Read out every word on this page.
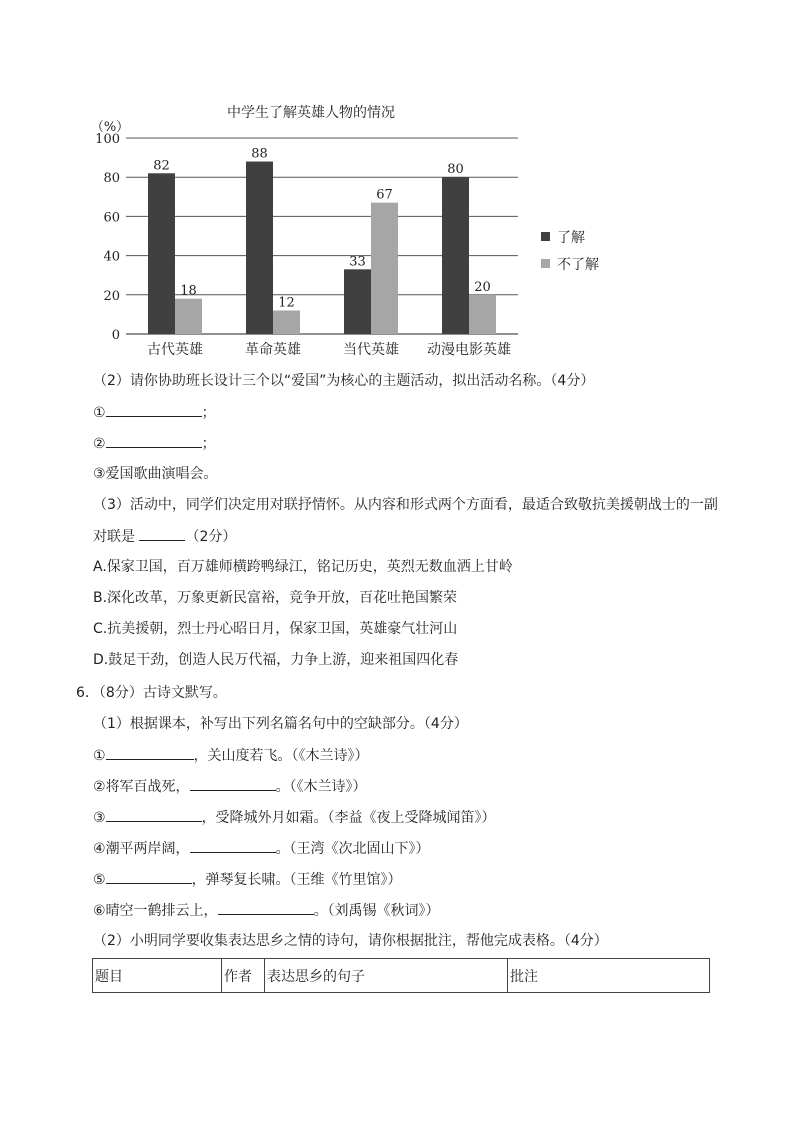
中学生了解英雄人物的情况
（%）
0
20
40
60
80
100
82
18
88
12
33
67
80
20
古代英雄	革命英雄	当代英雄 动漫电影英雄
了解
不了解
（2）请你协助班长设计三个以“爱国”为核心的主题活动，拟出活动名称。（4分）
①	；
②	；
③爱国歌曲演唱会。
（3）活动中，同学们决定用对联抒情怀。从内容和形式两个方面看，最适合致敬抗美援朝战士的一副
对联是	（2分）
A.保家卫国，百万雄师横跨鸭绿江，铭记历史，英烈无数血洒上甘岭
B.深化改革，万象更新民富裕，竞争开放，百花吐艳国繁荣
C.抗美援朝，烈士丹心昭日月，保家卫国，英雄豪气壮河山
D.鼓足干劲，创造人民万代福，力争上游，迎来祖国四化春
6．（8分）古诗文默写。
（1）根据课本，补写出下列名篇名句中的空缺部分。（4分）
①	，关山度若飞。（《木兰诗》）
②将军百战死，	。（《木兰诗》）
③	，受降城外月如霜。（李益《夜上受降城闻笛》）
④潮平两岸阔，	。（王湾《次北固山下》）
⑤	，弹琴复长啸。（王维《竹里馆》）
⑥晴空一鹤排云上，	。（刘禹锡《秋词》）
（2）小明同学要收集表达思乡之情的诗句，请你根据批注，帮他完成表格。（4分）
题目	作者	表达思乡的句子	批注
